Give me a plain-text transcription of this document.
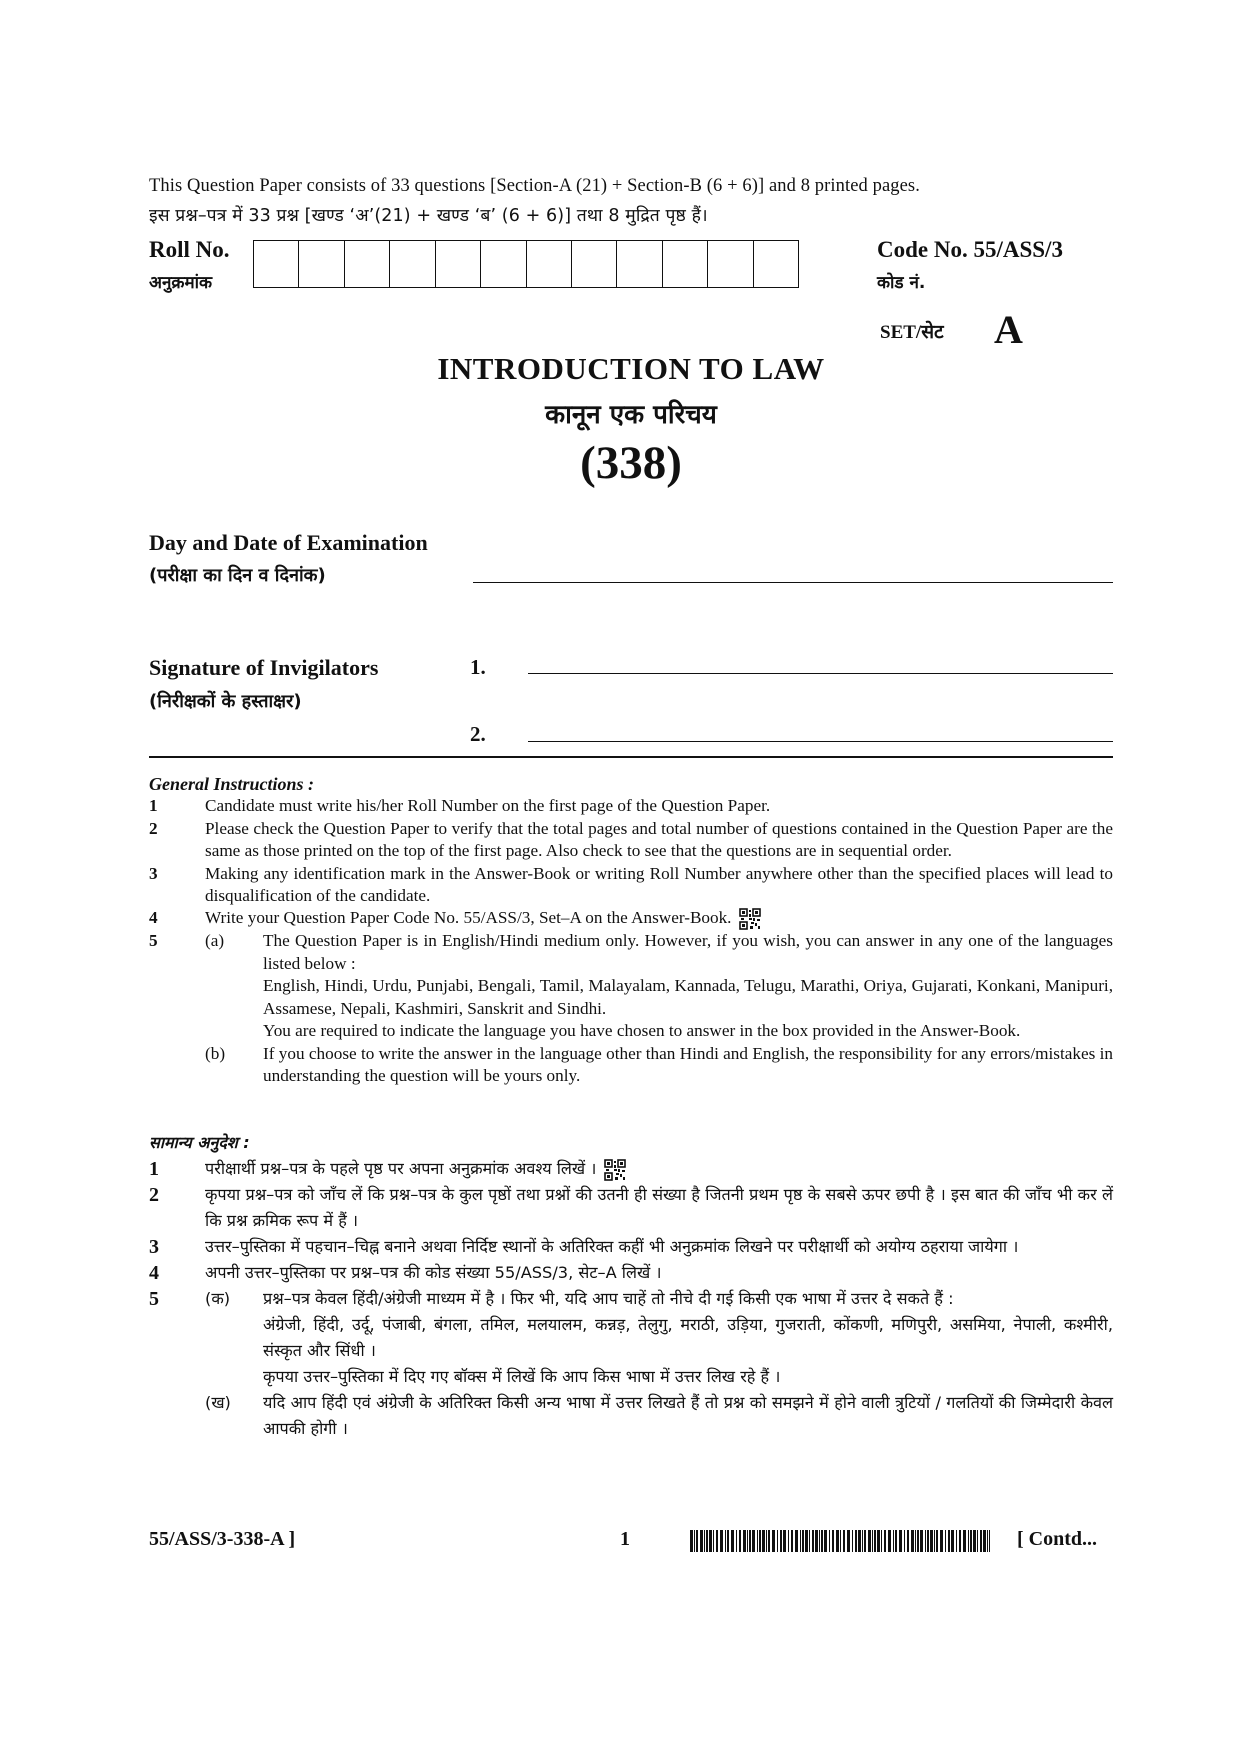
This Question Paper consists of 33 questions [Section-A (21) + Section-B (6 + 6)] and 8 printed pages.
इस प्रश्न–पत्र में 33 प्रश्न [खण्ड ‘अ’(21) + खण्ड ‘ब’ (6 + 6)] तथा 8 मुद्रित पृष्ठ हैं।
Roll No.
अनुक्रमांक
Code No. 55/ASS/3
कोड नं.
SET/सेट A
INTRODUCTION TO LAW
कानून एक परिचय
(338)
Day and Date of Examination
(परीक्षा का दिन व दिनांक)
Signature of Invigilators
(निरीक्षकों के हस्ताक्षर)
1.
2.
General Instructions :
1	Candidate must write his/her Roll Number on the first page of the Question Paper.
2	Please check the Question Paper to verify that the total pages and total number of questions contained in the Question Paper are the same as those printed on the top of the first page. Also check to see that the questions are in sequential order.
3	Making any identification mark in the Answer-Book or writing Roll Number anywhere other than the specified places will lead to disqualification of the candidate.
4	Write your Question Paper Code No. 55/ASS/3, Set–A on the Answer-Book.
5	(a)	The Question Paper is in English/Hindi medium only. However, if you wish, you can answer in any one of the languages listed below :
English, Hindi, Urdu, Punjabi, Bengali, Tamil, Malayalam, Kannada, Telugu, Marathi, Oriya, Gujarati, Konkani, Manipuri, Assamese, Nepali, Kashmiri, Sanskrit and Sindhi.
You are required to indicate the language you have chosen to answer in the box provided in the Answer-Book.
(b)	If you choose to write the answer in the language other than Hindi and English, the responsibility for any errors/mistakes in understanding the question will be yours only.
सामान्य अनुदेश :
1	परीक्षार्थी प्रश्न–पत्र के पहले पृष्ठ पर अपना अनुक्रमांक अवश्य लिखें ।
2	कृपया प्रश्न–पत्र को जाँच लें कि प्रश्न–पत्र के कुल पृष्ठों तथा प्रश्नों की उतनी ही संख्या है जितनी प्रथम पृष्ठ के सबसे ऊपर छपी है । इस बात की जाँच भी कर लें कि प्रश्न क्रमिक रूप में हैं ।
3	उत्तर–पुस्तिका में पहचान–चिह्न बनाने अथवा निर्दिष्ट स्थानों के अतिरिक्त कहीं भी अनुक्रमांक लिखने पर परीक्षार्थी को अयोग्य ठहराया जायेगा ।
4	अपनी उत्तर–पुस्तिका पर प्रश्न–पत्र की कोड संख्या 55/ASS/3, सेट–A लिखें ।
5	(क)	प्रश्न–पत्र केवल हिंदी/अंग्रेजी माध्यम में है । फिर भी, यदि आप चाहें तो नीचे दी गई किसी एक भाषा में उत्तर दे सकते हैं :
अंग्रेजी, हिंदी, उर्दू, पंजाबी, बंगला, तमिल, मलयालम, कन्नड़, तेलुगु, मराठी, उड़िया, गुजराती, कोंकणी, मणिपुरी, असमिया, नेपाली, कश्मीरी, संस्कृत और सिंधी ।
कृपया उत्तर–पुस्तिका में दिए गए बॉक्स में लिखें कि आप किस भाषा में उत्तर लिख रहे हैं ।
(ख)	यदि आप हिंदी एवं अंग्रेजी के अतिरिक्त किसी अन्य भाषा में उत्तर लिखते हैं तो प्रश्न को समझने में होने वाली त्रुटियों / गलतियों की जिम्मेदारी केवल आपकी होगी ।
55/ASS/3-338-A ]	1	[ Contd...
